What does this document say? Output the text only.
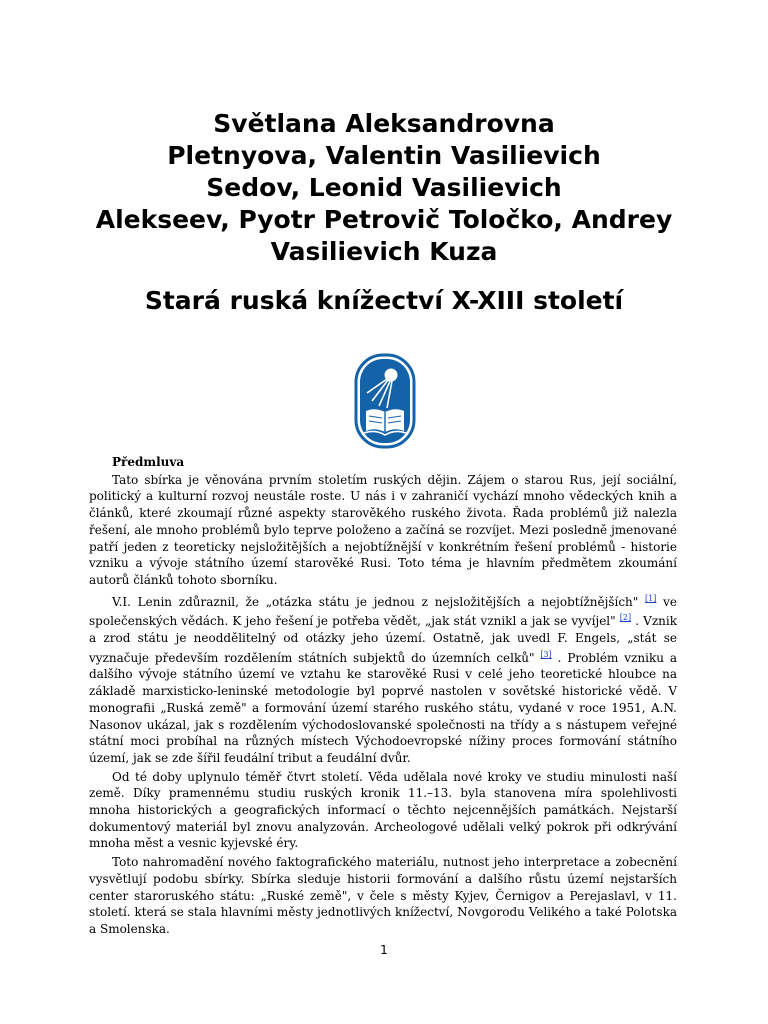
Světlana Aleksandrovna
Pletnyova, Valentin Vasilievich
Sedov, Leonid Vasilievich
Alekseev, Pyotr Petrovič Toločko, Andrey
Vasilievich Kuza
Stará ruská knížectví X-XIII století
Předmluva

Tato sbírka je věnována prvním stoletím ruských dějin. Zájem o starou Rus, její sociální, politický a kulturní rozvoj neustále roste. U nás i v zahraničí vychází mnoho vědeckých knih a článků, které zkoumají různé aspekty starověkého ruského života. Řada problémů již nalezla řešení, ale mnoho problémů bylo teprve položeno a začíná se rozvíjet. Mezi posledně jmenované patří jeden z teoreticky nejsložitějších a nejobtížnější v konkrétním řešení problémů - historie vzniku a vývoje státního území starověké Rusi. Toto téma je hlavním předmětem zkoumání autorů článků tohoto sborníku.

V.I. Lenin zdůraznil, že „otázka státu je jednou z nejsložitějších a nejobtížnějších" [1] ve společenských vědách. K jeho řešení je potřeba vědět, „jak stát vznikl a jak se vyvíjel" [2] . Vznik a zrod státu je neoddělitelný od otázky jeho území. Ostatně, jak uvedl F. Engels, „stát se vyznačuje především rozdělením státních subjektů do územních celků" [3] . Problém vzniku a dalšího vývoje státního území ve vztahu ke starověké Rusi v celé jeho teoretické hloubce na základě marxisticko-leninské metodologie byl poprvé nastolen v sovětské historické vědě. V monografii „Ruská země" a formování území starého ruského státu, vydané v roce 1951, A.N. Nasonov ukázal, jak s rozdělením východoslovanské společnosti na třídy a s nástupem veřejné státní moci probíhal na různých místech Východoevropské nížiny proces formování státního území, jak se zde šířil feudální tribut a feudální dvůr.

Od té doby uplynulo téměř čtvrt století. Věda udělala nové kroky ve studiu minulosti naší země. Díky pramennému studiu ruských kronik 11.–13. byla stanovena míra spolehlivosti mnoha historických a geografických informací o těchto nejcennějších památkách. Nejstarší dokumentový materiál byl znovu analyzován. Archeologové udělali velký pokrok při odkrývání mnoha měst a vesnic kyjevské éry.

Toto nahromadění nového faktografického materiálu, nutnost jeho interpretace a zobecnění vysvětlují podobu sbírky. Sbírka sleduje historii formování a dalšího růstu území nejstarších center staroruského státu: „Ruské země", v čele s městy Kyjev, Černigov a Perejaslavl, v 11. století. která se stala hlavními městy jednotlivých knížectví, Novgorodu Velikého a také Polotska a Smolenska.

1
